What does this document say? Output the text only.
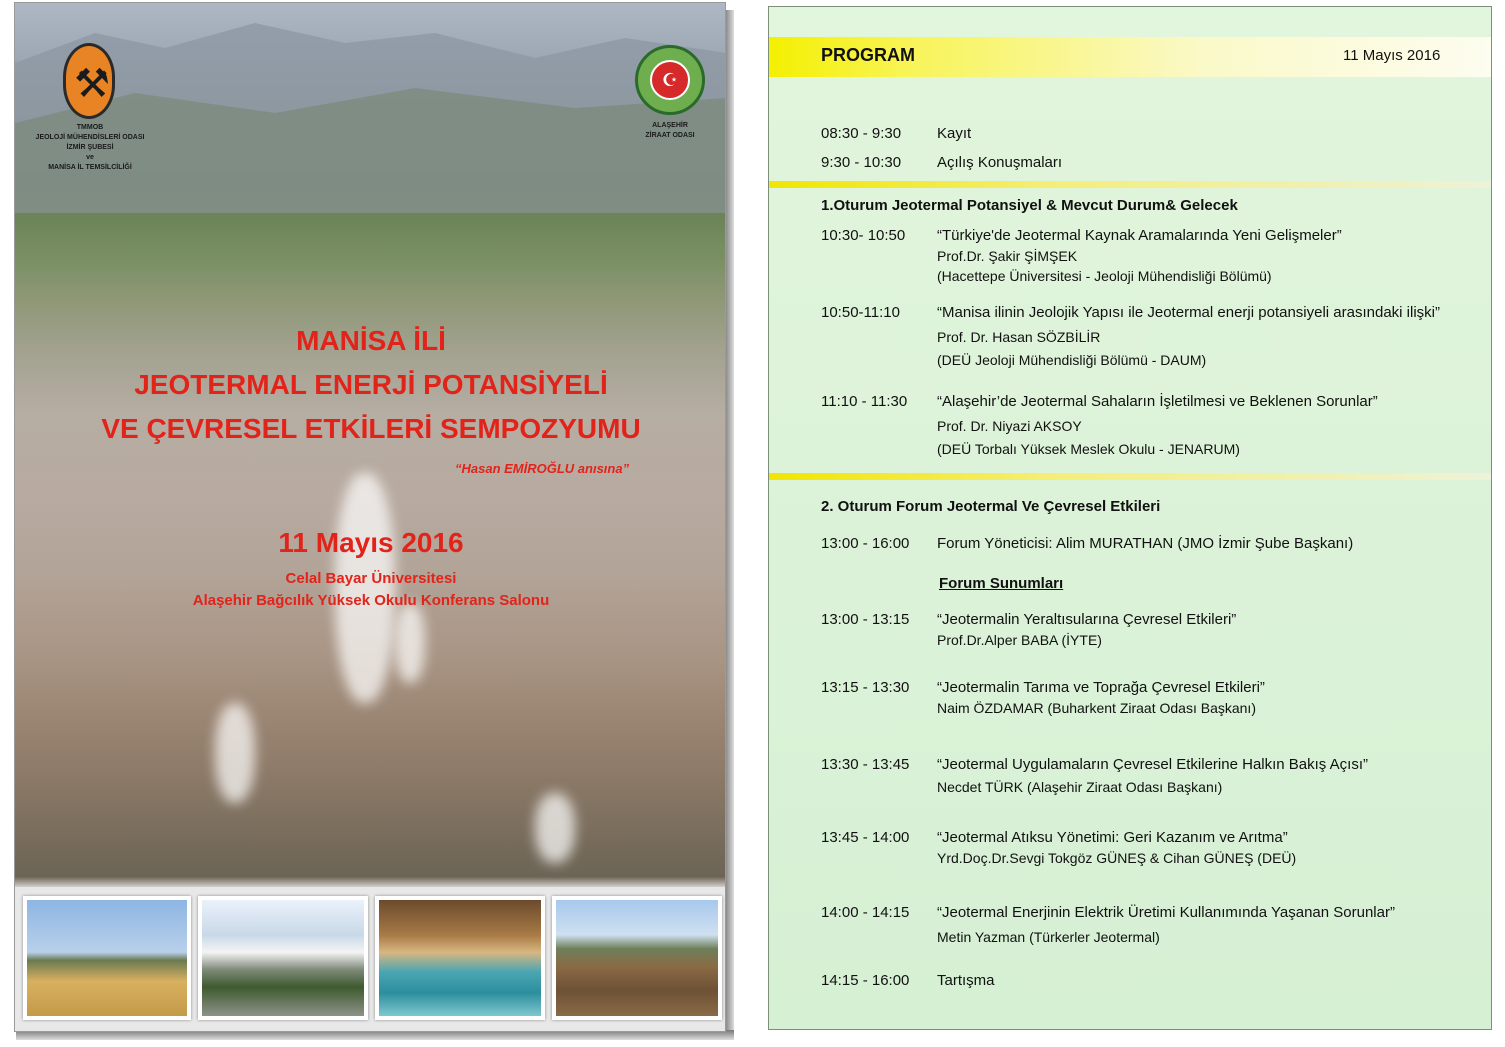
⚒
TMMOB
JEOLOJİ MÜHENDİSLERİ ODASI
İZMİR ŞUBESİ
ve
MANİSA İL TEMSİLCİLİĞİ
☪
ALAŞEHİR
ZİRAAT ODASI
MANİSA İLİ
JEOTERMAL ENERJİ POTANSİYELİ
VE ÇEVRESEL ETKİLERİ SEMPOZYUMU
“Hasan EMİROĞLU anısına”
11 Mayıs 2016
Celal Bayar Üniversitesi
Alaşehir Bağcılık Yüksek Okulu Konferans Salonu
PROGRAM	11 Mayıs 2016
08:30 - 9:30 Kayıt
9:30 - 10:30 Açılış Konuşmaları
1.Oturum Jeotermal Potansiyel & Mevcut Durum& Gelecek
10:30- 10:50 “Türkiye'de Jeotermal Kaynak Aramalarında Yeni Gelişmeler”
Prof.Dr. Şakir ŞİMŞEK
(Hacettepe Üniversitesi - Jeoloji Mühendisliği Bölümü)
10:50-11:10 “Manisa ilinin Jeolojik Yapısı ile Jeotermal enerji potansiyeli arasındaki ilişki”
Prof. Dr. Hasan SÖZBİLİR
(DEÜ Jeoloji Mühendisliği Bölümü - DAUM)
11:10 - 11:30 “Alaşehir’de Jeotermal Sahaların İşletilmesi ve Beklenen Sorunlar”
Prof. Dr. Niyazi AKSOY
(DEÜ Torbalı Yüksek Meslek Okulu - JENARUM)
2. Oturum Forum Jeotermal Ve Çevresel Etkileri
13:00 - 16:00 Forum Yöneticisi: Alim MURATHAN (JMO İzmir Şube Başkanı)
Forum Sunumları
13:00 - 13:15 “Jeotermalin Yeraltısularına Çevresel Etkileri”
Prof.Dr.Alper BABA (İYTE)
13:15 - 13:30 “Jeotermalin Tarıma ve Toprağa Çevresel Etkileri”
Naim ÖZDAMAR (Buharkent Ziraat Odası Başkanı)
13:30 - 13:45 “Jeotermal Uygulamaların Çevresel Etkilerine Halkın Bakış Açısı”
Necdet TÜRK (Alaşehir Ziraat Odası Başkanı)
13:45 - 14:00 “Jeotermal Atıksu Yönetimi: Geri Kazanım ve Arıtma”
Yrd.Doç.Dr.Sevgi Tokgöz GÜNEŞ & Cihan GÜNEŞ (DEÜ)
14:00 - 14:15 “Jeotermal Enerjinin Elektrik Üretimi Kullanımında Yaşanan Sorunlar”
Metin Yazman (Türkerler Jeotermal)
14:15 - 16:00 Tartışma
